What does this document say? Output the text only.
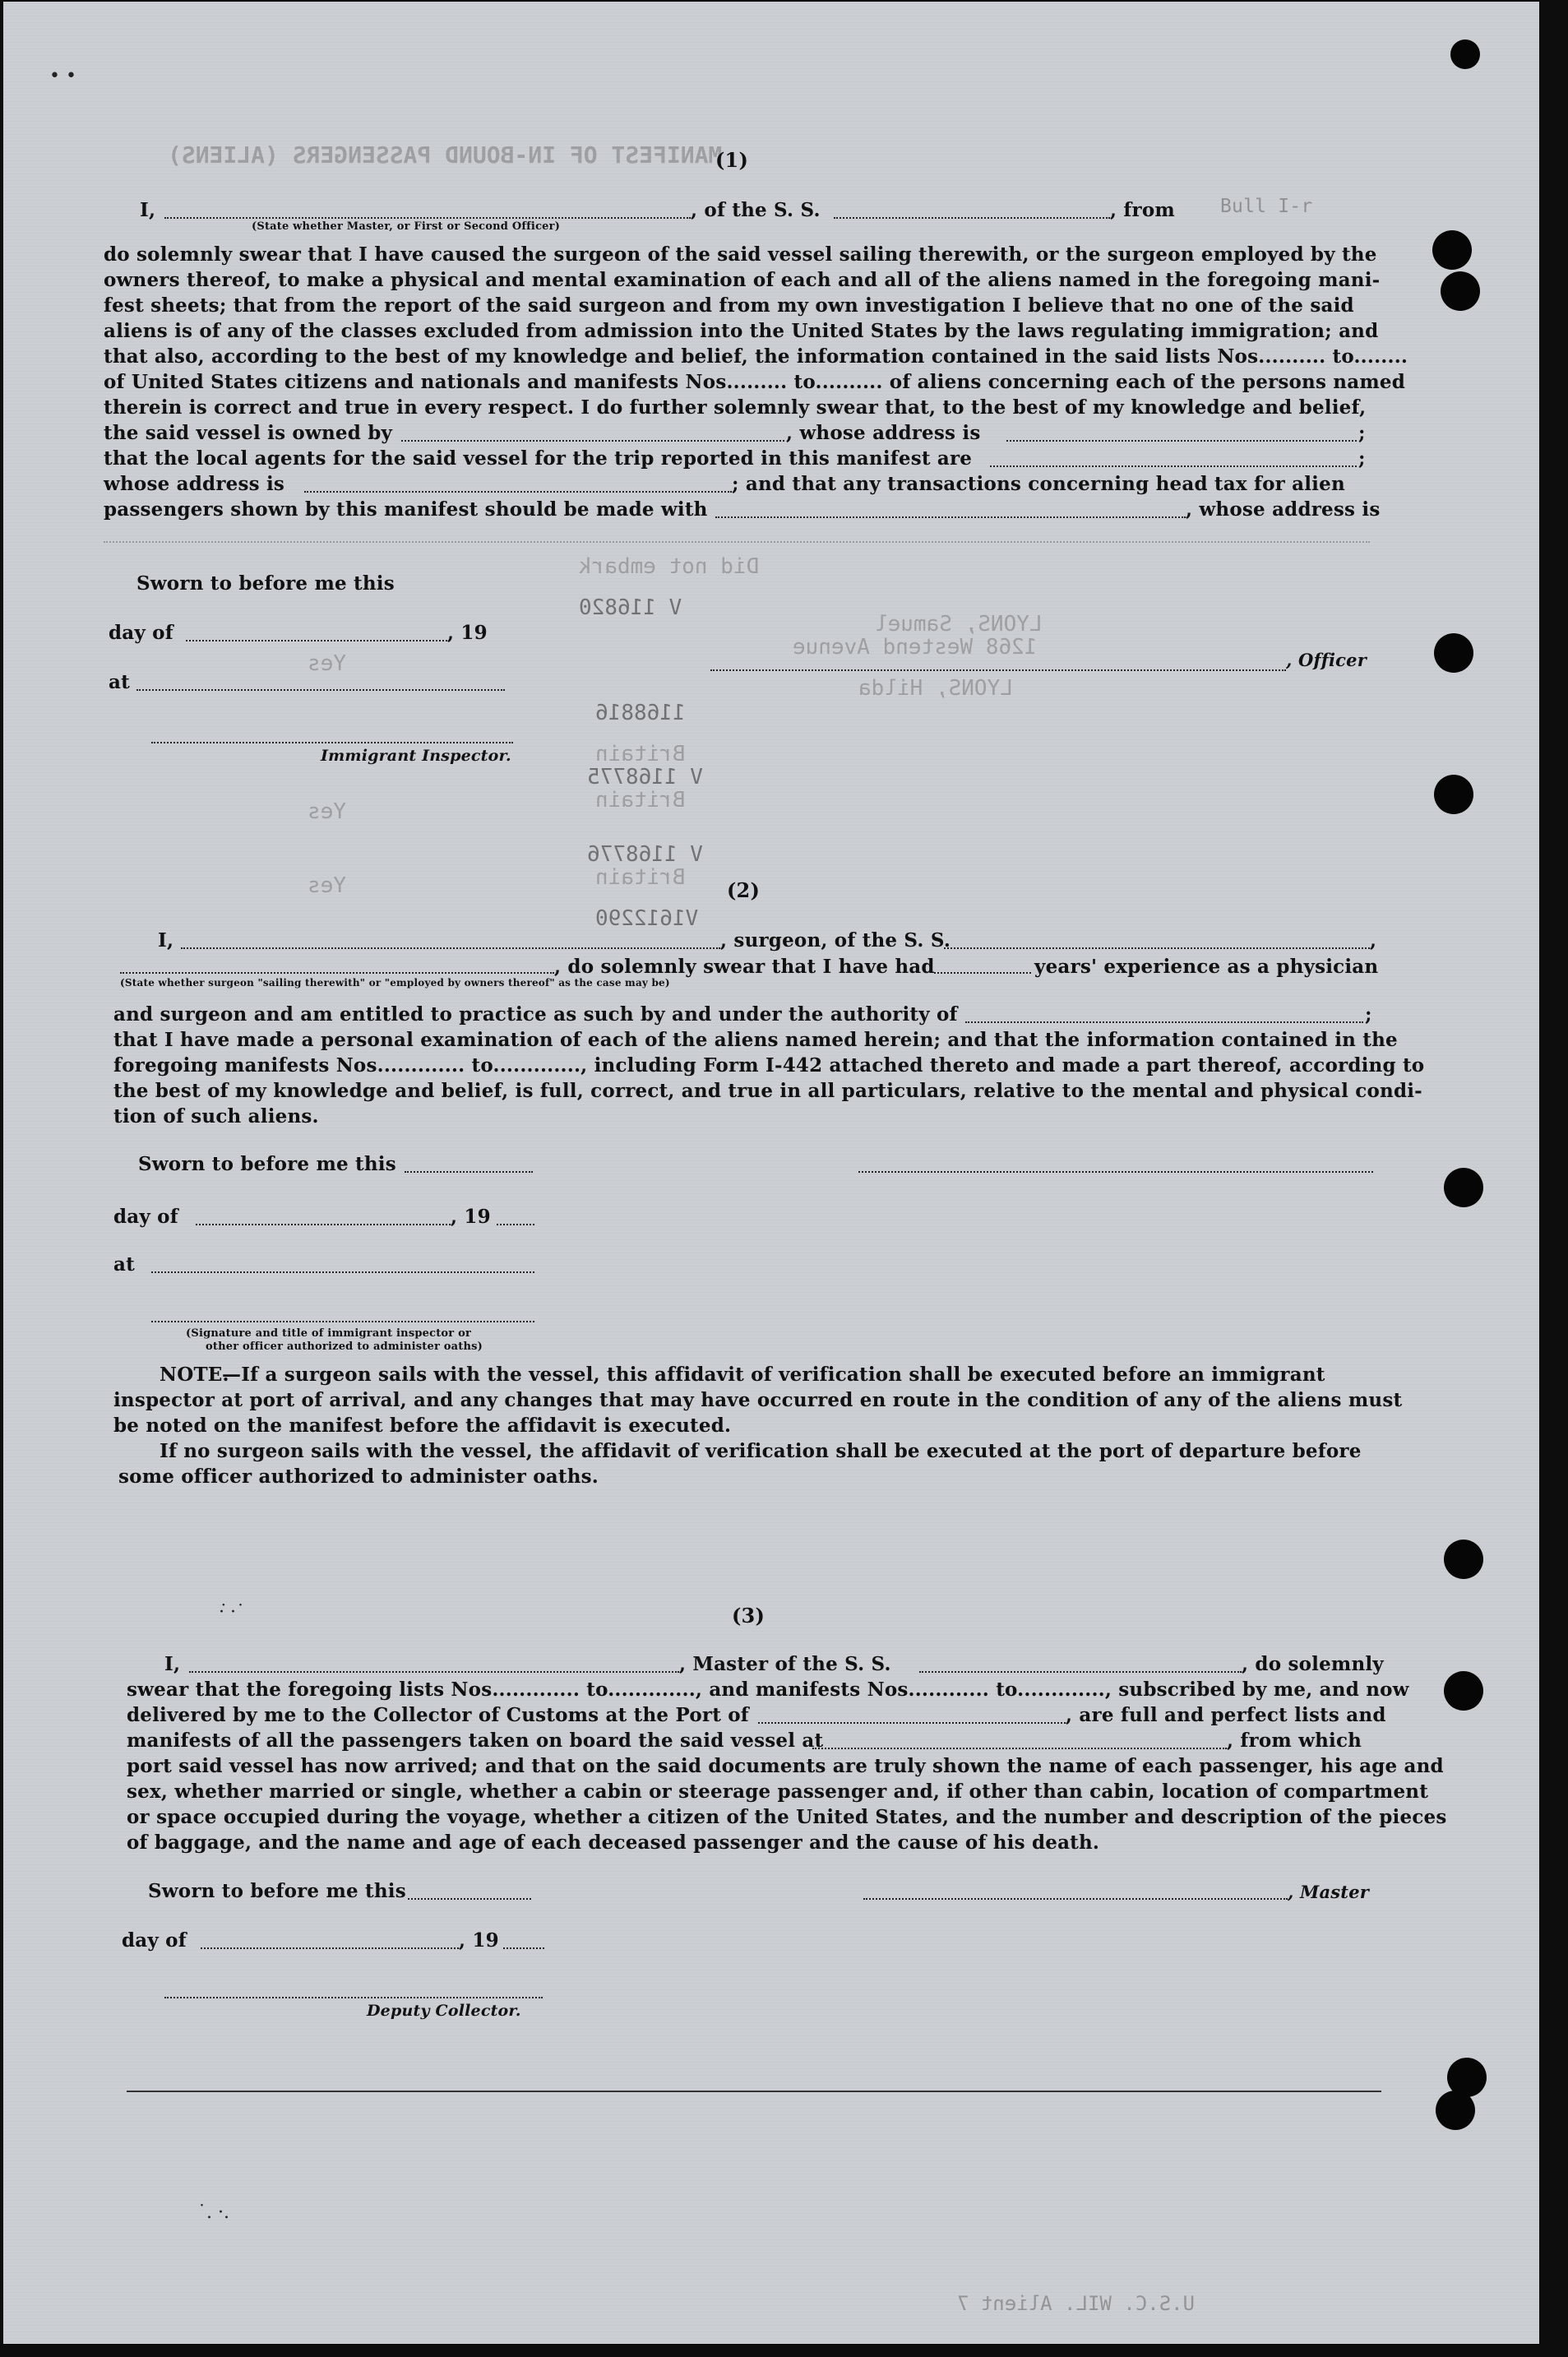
MANIFEST OF IN-BOUND PASSENGERS (ALIENS)
Did not embark
V 116820
LYONS, Samuel
1268 Westend Avenue
LYONS, Hilda
1168816
Britain
V 1168775
Britain
V 1168776
Britain
V1612290
Yes
Yes
Yes
(1)
I,	, of the S. S.	, from Bull I-r
(State whether Master, or First or Second Officer)
do solemnly swear that I have caused the surgeon of the said vessel sailing therewith, or the surgeon employed by the
owners thereof, to make a physical and mental examination of each and all of the aliens named in the foregoing mani-
fest sheets; that from the report of the said surgeon and from my own investigation I believe that no one of the said
aliens is of any of the classes excluded from admission into the United States by the laws regulating immigration; and
that also, according to the best of my knowledge and belief, the information contained in the said lists Nos.......... to........
of United States citizens and nationals and manifests Nos......... to.......... of aliens concerning each of the persons named
therein is correct and true in every respect. I do further solemnly swear that, to the best of my knowledge and belief,
the said vessel is owned by	, whose address is	;
that the local agents for the said vessel for the trip reported in this manifest are	;
whose address is	; and that any transactions concerning head tax for alien
passengers shown by this manifest should be made with	, whose address is
Sworn to before me this
day of	, 19
at
, Officer
Immigrant Inspector.
(2)
I,	, surgeon, of the S. S.	,
, do solemnly swear that I have had	years' experience as a physician
(State whether surgeon "sailing therewith" or "employed by owners thereof" as the case may be)
and surgeon and am entitled to practice as such by and under the authority of	;
that I have made a personal examination of each of the aliens named herein; and that the information contained in the
foregoing manifests Nos............. to............., including Form I-442 attached thereto and made a part thereof, according to
the best of my knowledge and belief, is full, correct, and true in all particulars, relative to the mental and physical condi-
tion of such aliens.
Sworn to before me this
day of	, 19
at
(Signature and title of immigrant inspector or
other officer authorized to administer oaths)
NOTE.
—If a surgeon sails with the vessel, this affidavit of verification shall be executed before an immigrant
inspector at port of arrival, and any changes that may have occurred en route in the condition of any of the aliens must
be noted on the manifest before the affidavit is executed.
If no surgeon sails with the vessel, the affidavit of verification shall be executed at the port of departure before
some officer authorized to administer oaths.
(3)
I,	, Master of the S. S.	, do solemnly
swear that the foregoing lists Nos............. to............., and manifests Nos............ to............., subscribed by me, and now
delivered by me to the Collector of Customs at the Port of	, are full and perfect lists and
manifests of all the passengers taken on board the said vessel at	, from which
port said vessel has now arrived; and that on the said documents are truly shown the name of each passenger, his age and
sex, whether married or single, whether a cabin or steerage passenger and, if other than cabin, location of compartment
or space occupied during the voyage, whether a citizen of the United States, and the number and description of the pieces
of baggage, and the name and age of each deceased passenger and the cause of his death.
Sworn to before me this	, Master
day of	, 19
Deputy Collector.
U.S.C. WIL. Alient 7
• •
·͘ ·˙
˙. ·.
